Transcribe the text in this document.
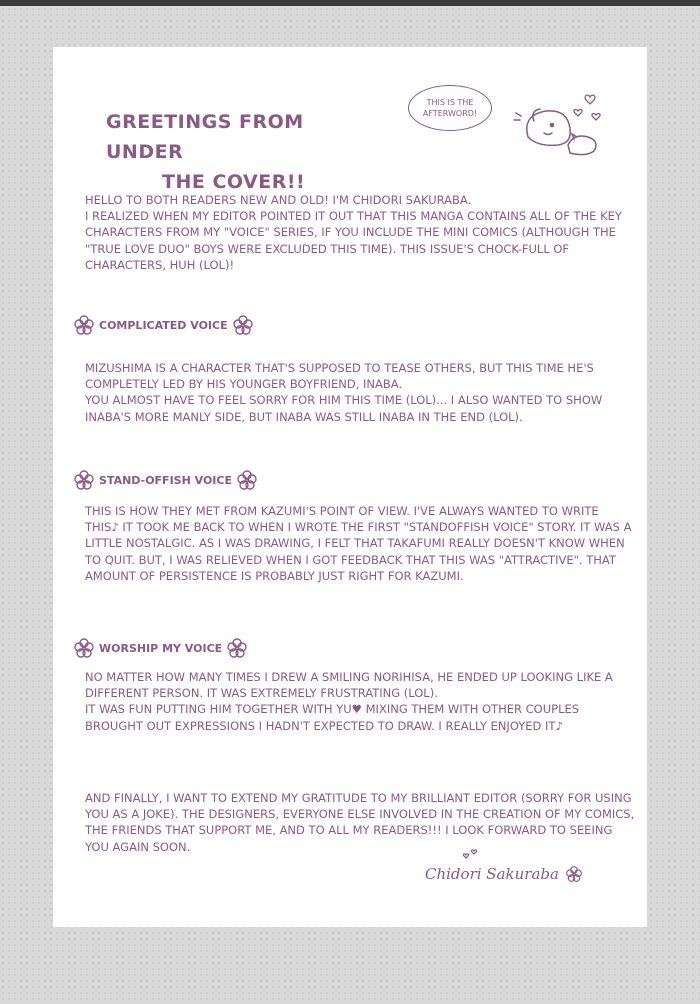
GREETINGS FROM UNDER
THE COVER!!
THIS IS THE AFTERWORD!
HELLO TO BOTH READERS NEW AND OLD! I'M CHIDORI SAKURABA.
I REALIZED WHEN MY EDITOR POINTED IT OUT THAT THIS MANGA CONTAINS ALL OF THE KEY CHARACTERS FROM MY "VOICE" SERIES, IF YOU INCLUDE THE MINI COMICS (ALTHOUGH THE "TRUE LOVE DUO" BOYS WERE EXCLUDED THIS TIME). THIS ISSUE'S CHOCK-FULL OF CHARACTERS, HUH (LOL)!
COMPLICATED VOICE
MIZUSHIMA IS A CHARACTER THAT'S SUPPOSED TO TEASE OTHERS, BUT THIS TIME HE'S COMPLETELY LED BY HIS YOUNGER BOYFRIEND, INABA.
YOU ALMOST HAVE TO FEEL SORRY FOR HIM THIS TIME (LOL)... I ALSO WANTED TO SHOW INABA'S MORE MANLY SIDE, BUT INABA WAS STILL INABA IN THE END (LOL).
STAND-OFFISH VOICE
THIS IS HOW THEY MET FROM KAZUMI'S POINT OF VIEW. I'VE ALWAYS WANTED TO WRITE THIS♪ IT TOOK ME BACK TO WHEN I WROTE THE FIRST "STANDOFFISH VOICE" STORY. IT WAS A LITTLE NOSTALGIC. AS I WAS DRAWING, I FELT THAT TAKAFUMI REALLY DOESN'T KNOW WHEN TO QUIT. BUT, I WAS RELIEVED WHEN I GOT FEEDBACK THAT THIS WAS "ATTRACTIVE". THAT AMOUNT OF PERSISTENCE IS PROBABLY JUST RIGHT FOR KAZUMI.
WORSHIP MY VOICE
NO MATTER HOW MANY TIMES I DREW A SMILING NORIHISA, HE ENDED UP LOOKING LIKE A DIFFERENT PERSON. IT WAS EXTREMELY FRUSTRATING (LOL).
IT WAS FUN PUTTING HIM TOGETHER WITH YU♥ MIXING THEM WITH OTHER COUPLES BROUGHT OUT EXPRESSIONS I HADN'T EXPECTED TO DRAW. I REALLY ENJOYED IT♪
AND FINALLY, I WANT TO EXTEND MY GRATITUDE TO MY BRILLIANT EDITOR (SORRY FOR USING YOU AS A JOKE). THE DESIGNERS, EVERYONE ELSE INVOLVED IN THE CREATION OF MY COMICS, THE FRIENDS THAT SUPPORT ME, AND TO ALL MY READERS!!! I LOOK FORWARD TO SEEING YOU AGAIN SOON.
Chidori Sakuraba
